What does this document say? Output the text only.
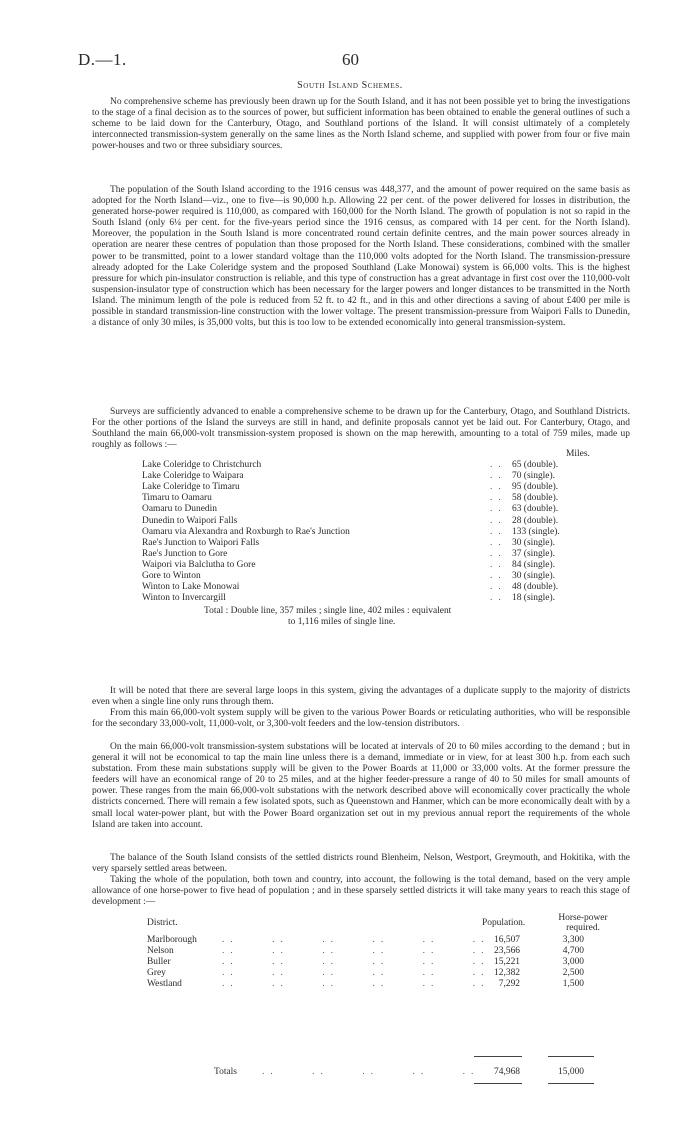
D.—1.	60
South Island Schemes.

No comprehensive scheme has previously been drawn up for the South Island, and it has not been possible yet to bring the investigations to the stage of a final decision as to the sources of power, but sufficient information has been obtained to enable the general outlines of such a scheme to be laid down for the Canterbury, Otago, and Southland portions of the Island. It will consist ultimately of a completely interconnected transmission-system generally on the same lines as the North Island scheme, and supplied with power from four or five main power-houses and two or three subsidiary sources.

The population of the South Island according to the 1916 census was 448,377, and the amount of power required on the same basis as adopted for the North Island—viz., one to five—is 90,000 h.p. Allowing 22 per cent. of the power delivered for losses in distribution, the generated horse-power required is 110,000, as compared with 160,000 for the North Island. The growth of population is not so rapid in the South Island (only 6¼ per cent. for the five-years period since the 1916 census, as compared with 14 per cent. for the North Island). Moreover, the population in the South Island is more concentrated round certain definite centres, and the main power sources already in operation are nearer these centres of population than those proposed for the North Island. These considerations, combined with the smaller power to be transmitted, point to a lower standard voltage than the 110,000 volts adopted for the North Island. The transmission-pressure already adopted for the Lake Coleridge system and the proposed Southland (Lake Monowai) system is 66,000 volts. This is the highest pressure for which pin-insulator construction is reliable, and this type of construction has a great advantage in first cost over the 110,000-volt suspension-insulator type of construction which has been necessary for the larger powers and longer distances to be transmitted in the North Island. The minimum length of the pole is reduced from 52 ft. to 42 ft., and in this and other directions a saving of about £400 per mile is possible in standard transmission-line construction with the lower voltage. The present transmission-pressure from Waipori Falls to Dunedin, a distance of only 30 miles, is 35,000 volts, but this is too low to be extended economically into general transmission-system.

Surveys are sufficiently advanced to enable a comprehensive scheme to be drawn up for the Canterbury, Otago, and Southland Districts. For the other portions of the Island the surveys are still in hand, and definite proposals cannot yet be laid out. For Canterbury, Otago, and Southland the main 66,000-volt transmission-system proposed is shown on the map herewith, amounting to a total of 759 miles, made up roughly as follows :—

Miles.
Lake Coleridge to Christchurch	.. 65 (double).
Lake Coleridge to Waipara	.. 70 (single).
Lake Coleridge to Timaru	.. 95 (double).
Timaru to Oamaru	.. 58 (double).
Oamaru to Dunedin	.. 63 (double).
Dunedin to Waipori Falls	.. 28 (double).
Oamaru via Alexandra and Roxburgh to Rae's Junction	.. 133 (single).
Rae's Junction to Waipori Falls	.. 30 (single).
Rae's Junction to Gore	.. 37 (single).
Waipori via Balclutha to Gore	.. 84 (single).
Gore to Winton	.. 30 (single).
Winton to Lake Monowai	.. 48 (double).
Winton to Invercargill	.. 18 (single).
Total : Double line, 357 miles ; single line, 402 miles : equivalent
to 1,116 miles of single line.

It will be noted that there are several large loops in this system, giving the advantages of a duplicate supply to the majority of districts even when a single line only runs through them.

From this main 66,000-volt system supply will be given to the various Power Boards or reticulating authorities, who will be responsible for the secondary 33,000-volt, 11,000-volt, or 3,300-volt feeders and the low-tension distributors.

On the main 66,000-volt transmission-system substations will be located at intervals of 20 to 60 miles according to the demand ; but in general it will not be economical to tap the main line unless there is a demand, immediate or in view, for at least 300 h.p. from each such substation. From these main substations supply will be given to the Power Boards at 11,000 or 33,000 volts. At the former pressure the feeders will have an economical range of 20 to 25 miles, and at the higher feeder-pressure a range of 40 to 50 miles for small amounts of power. These ranges from the main 66,000-volt substations with the network described above will economically cover practically the whole districts concerned. There will remain a few isolated spots, such as Queenstown and Hanmer, which can be more economically dealt with by a small local water-power plant, but with the Power Board organization set out in my previous annual report the requirements of the whole Island are taken into account.

The balance of the South Island consists of the settled districts round Blenheim, Nelson, Westport, Greymouth, and Hokitika, with the very sparsely settled areas between.

Taking the whole of the population, both town and country, into account, the following is the total demand, based on the very ample allowance of one horse-power to five head of population ; and in these sparsely settled districts it will take many years to reach this stage of development :—

District.	Population.	Horse-power
required.
Marlborough	..    ..    ..    ..    ..    .. 16,507	3,300
Nelson	..    ..    ..    ..    ..    .. 23,566	4,700
Buller	..    ..    ..    ..    ..    .. 15,221	3,000
Grey	..    ..    ..    ..    ..    .. 12,382	2,500
Westland	..    ..    ..    ..    ..    .. 7,292	1,500
Totals	..    ..    ..    ..    ..	74,968	15,000
